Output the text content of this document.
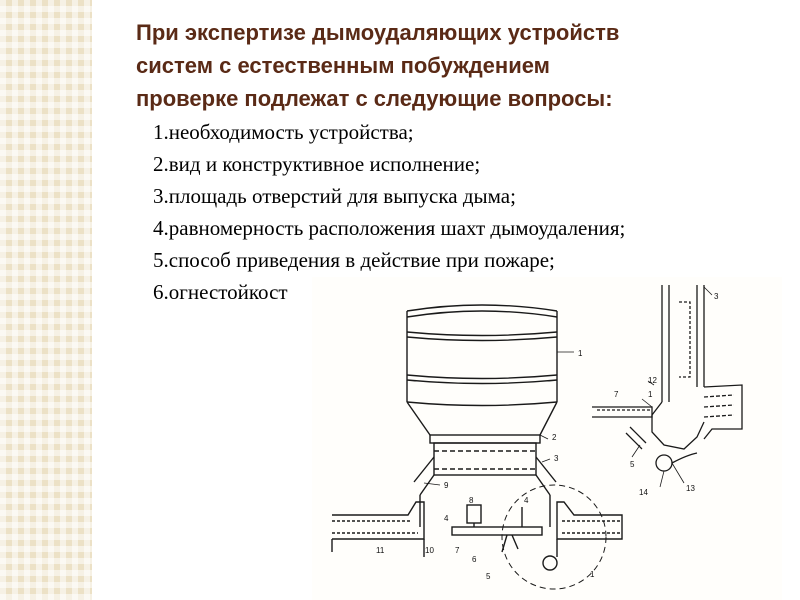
При экспертизе дымоудаляющих устройств
систем с естественным побуждением
проверке подлежат с следующие вопросы:
1.необходимость устройства;
2.вид и конструктивное исполнение;
3.площадь отверстий для выпуска дыма;
4.равномерность расположения шахт дымоудаления;
5.способ приведения в действие при пожаре;
6.огнестойкост
1
2
3
9
8
4
4
10	7
11
6
5	1
3
12
7	1
5
14	13
